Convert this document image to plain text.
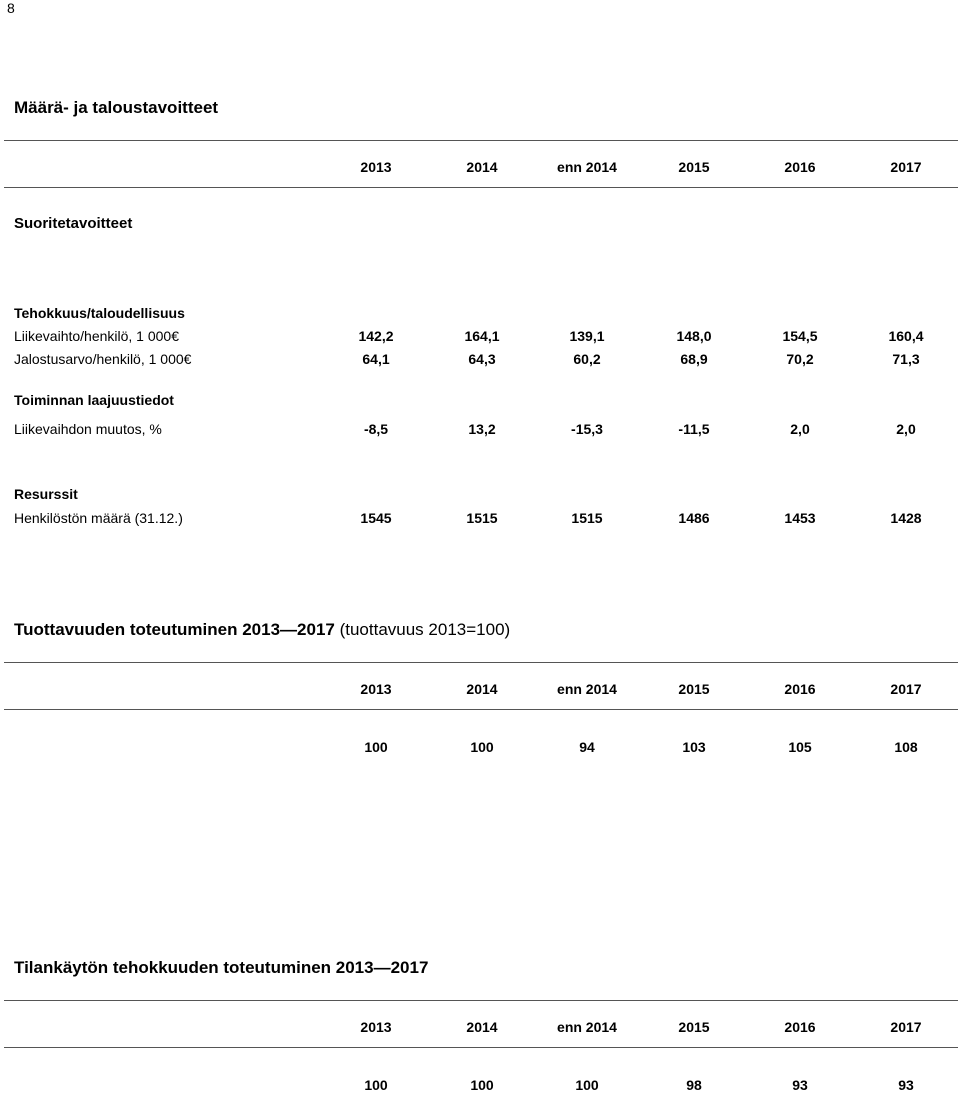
8
Määrä- ja taloustavoitteet
2013	2014	enn 2014	2015	2016	2017
Suoritetavoitteet
Tehokkuus/taloudellisuus
Liikevaihto/henkilö, 1 000€	142,2	164,1	139,1	148,0	154,5	160,4
Jalostusarvo/henkilö, 1 000€	64,1	64,3	60,2	68,9	70,2	71,3
Toiminnan laajuustiedot
Liikevaihdon muutos, %	-8,5	13,2	-15,3	-11,5	2,0	2,0
Resurssit
Henkilöstön määrä (31.12.)	1545	1515	1515	1486	1453	1428
Tuottavuuden toteutuminen 2013—2017 (tuottavuus 2013=100)
2013	2014	enn 2014	2015	2016	2017
100	100	94	103	105	108
Tilankäytön tehokkuuden toteutuminen 2013—2017
2013	2014	enn 2014	2015	2016	2017
100	100	100	98	93	93
